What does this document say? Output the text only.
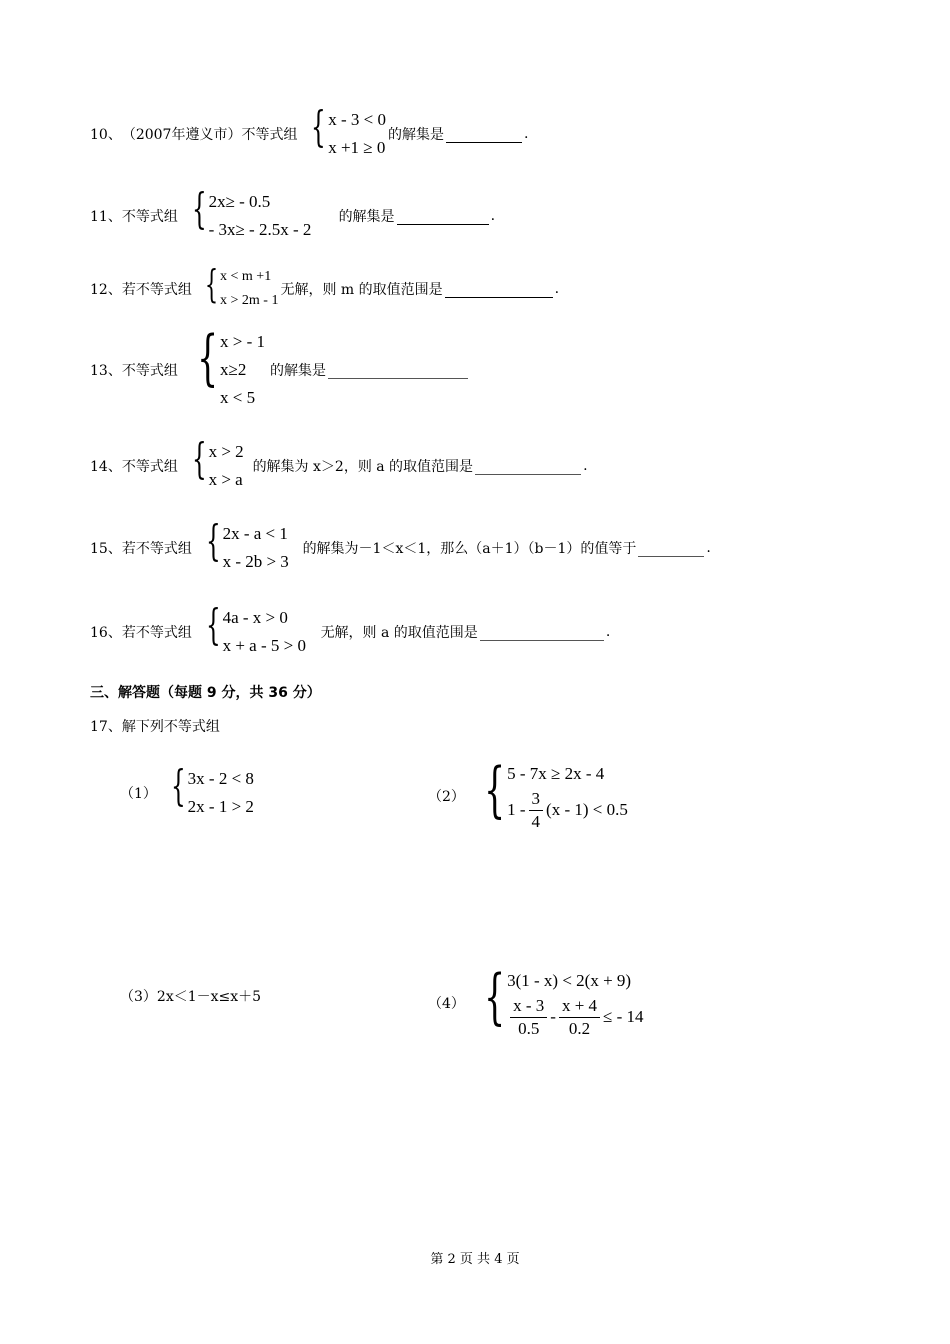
10、 （2007年遵义市）不等式组 { x - 3 < 0
x +1 ≥ 0
的解集是	.
11、 不等式组 { 2x≥ - 0.5
- 3x≥ - 2.5x - 2
的解集是	.
12、 若不等式组 { x < m +1
x > 2m - 1
无解，则 m 的取值范围是	.
13、 不等式组 { x > - 1
x≥2
x < 5
的解集是
14、 不等式组 { x > 2
x > a
的解集为 x＞2，则 a 的取值范围是	.
15、 若不等式组 { 2x - a < 1
x - 2b > 3
的解集为－1＜x＜1，那么（a＋1）（b－1）的值等于	.
16、 若不等式组 { 4a - x > 0
x + a - 5 > 0
无解，则 a 的取值范围是	.
三、解答题（每题 9 分，共 36 分）
17、解下列不等式组
（1） { 3x - 2 < 8
2x - 1 > 2	（2） { 5 - 7x ≥ 2x - 4
$1 - \frac{3}{4} (x - 1) < 0.5$
（3）2x＜1－x≤x＋5	（4） { 3(1 - x) < 2(x + 9)
$\frac{x - 3}{0.5} - \frac{x + 4}{0.2}$ ≤ - 14
第 2 页 共 4 页
